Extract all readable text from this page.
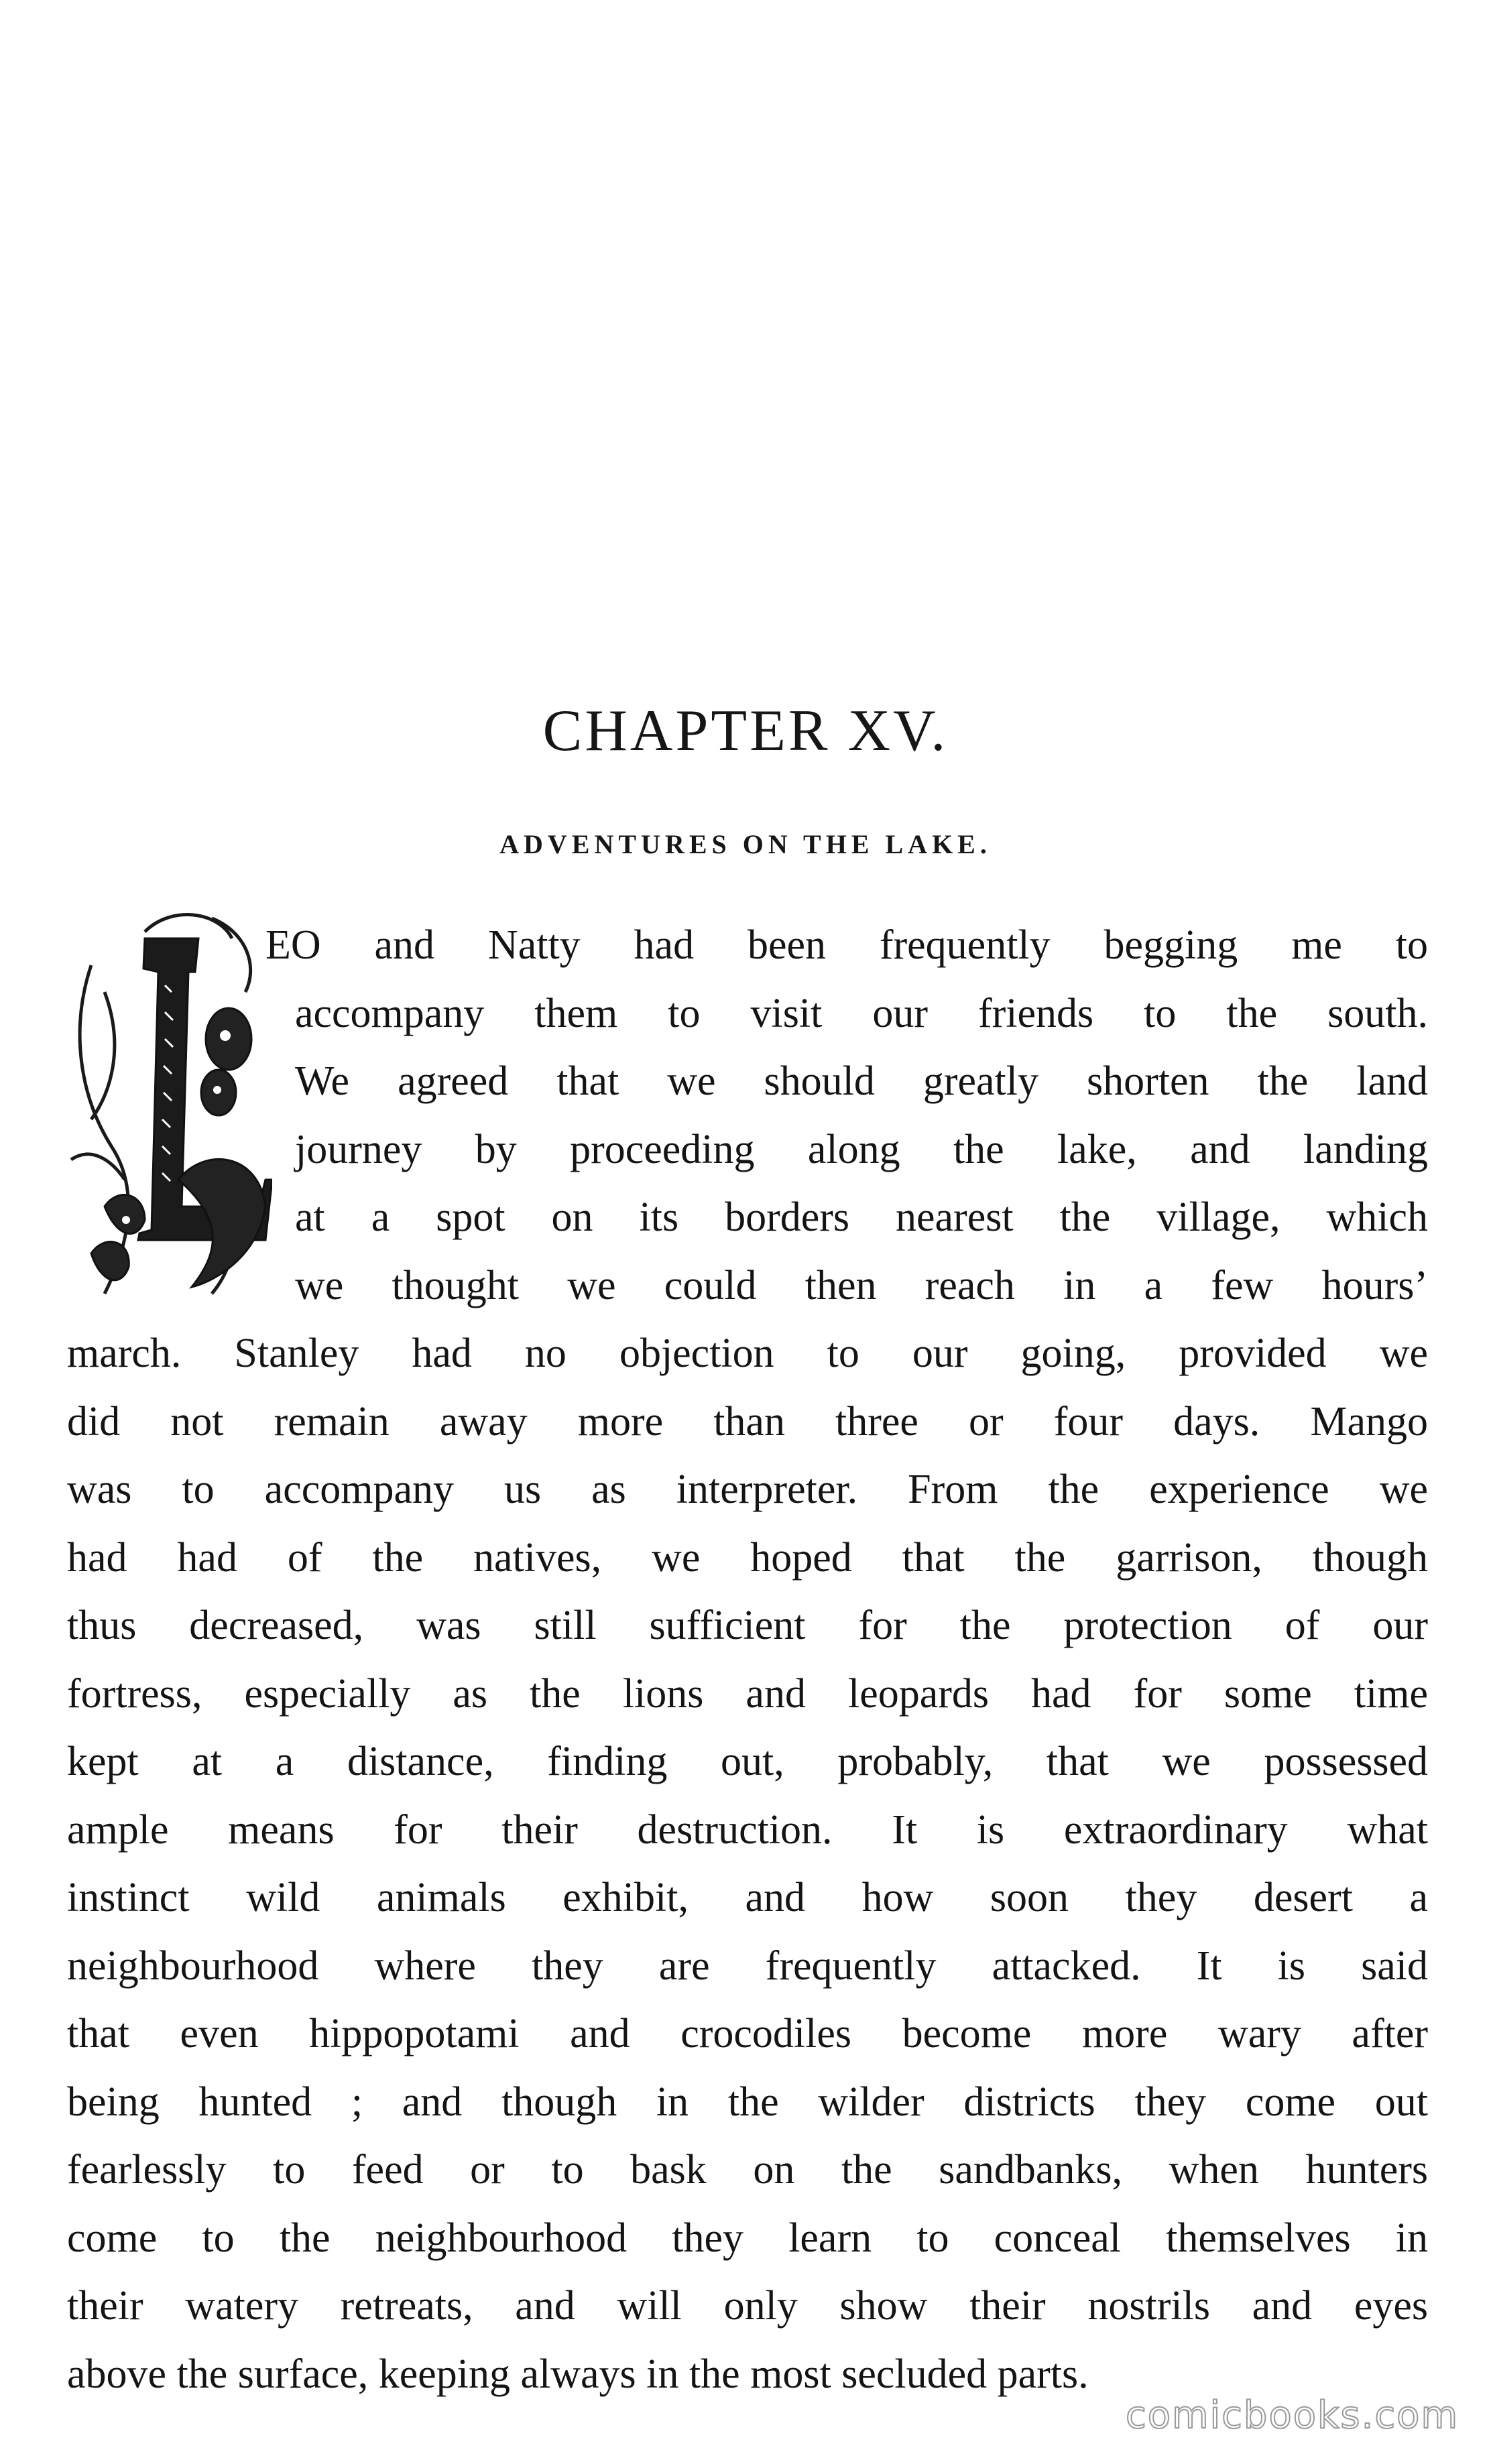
CHAPTER XV.
ADVENTURES ON THE LAKE.
EO and Natty had been frequently begging me to
accompany them to visit our friends to the south.
We agreed that we should greatly shorten the land
journey by proceeding along the lake, and landing
at a spot on its borders nearest the village, which
we thought we could then reach in a few hours’
march. Stanley had no objection to our going, provided we
did not remain away more than three or four days. Mango
was to accompany us as interpreter. From the experience we
had had of the natives, we hoped that the garrison, though
thus decreased, was still sufficient for the protection of our
fortress, especially as the lions and leopards had for some time
kept at a distance, finding out, probably, that we possessed
ample means for their destruction. It is extraordinary what
instinct wild animals exhibit, and how soon they desert a
neighbourhood where they are frequently attacked. It is said
that even hippopotami and crocodiles become more wary after
being hunted ; and though in the wilder districts they come out
fearlessly to feed or to bask on the sandbanks, when hunters
come to the neighbourhood they learn to conceal themselves in
their watery retreats, and will only show their nostrils and eyes
above the surface, keeping always in the most secluded parts.
comicbooks.com
